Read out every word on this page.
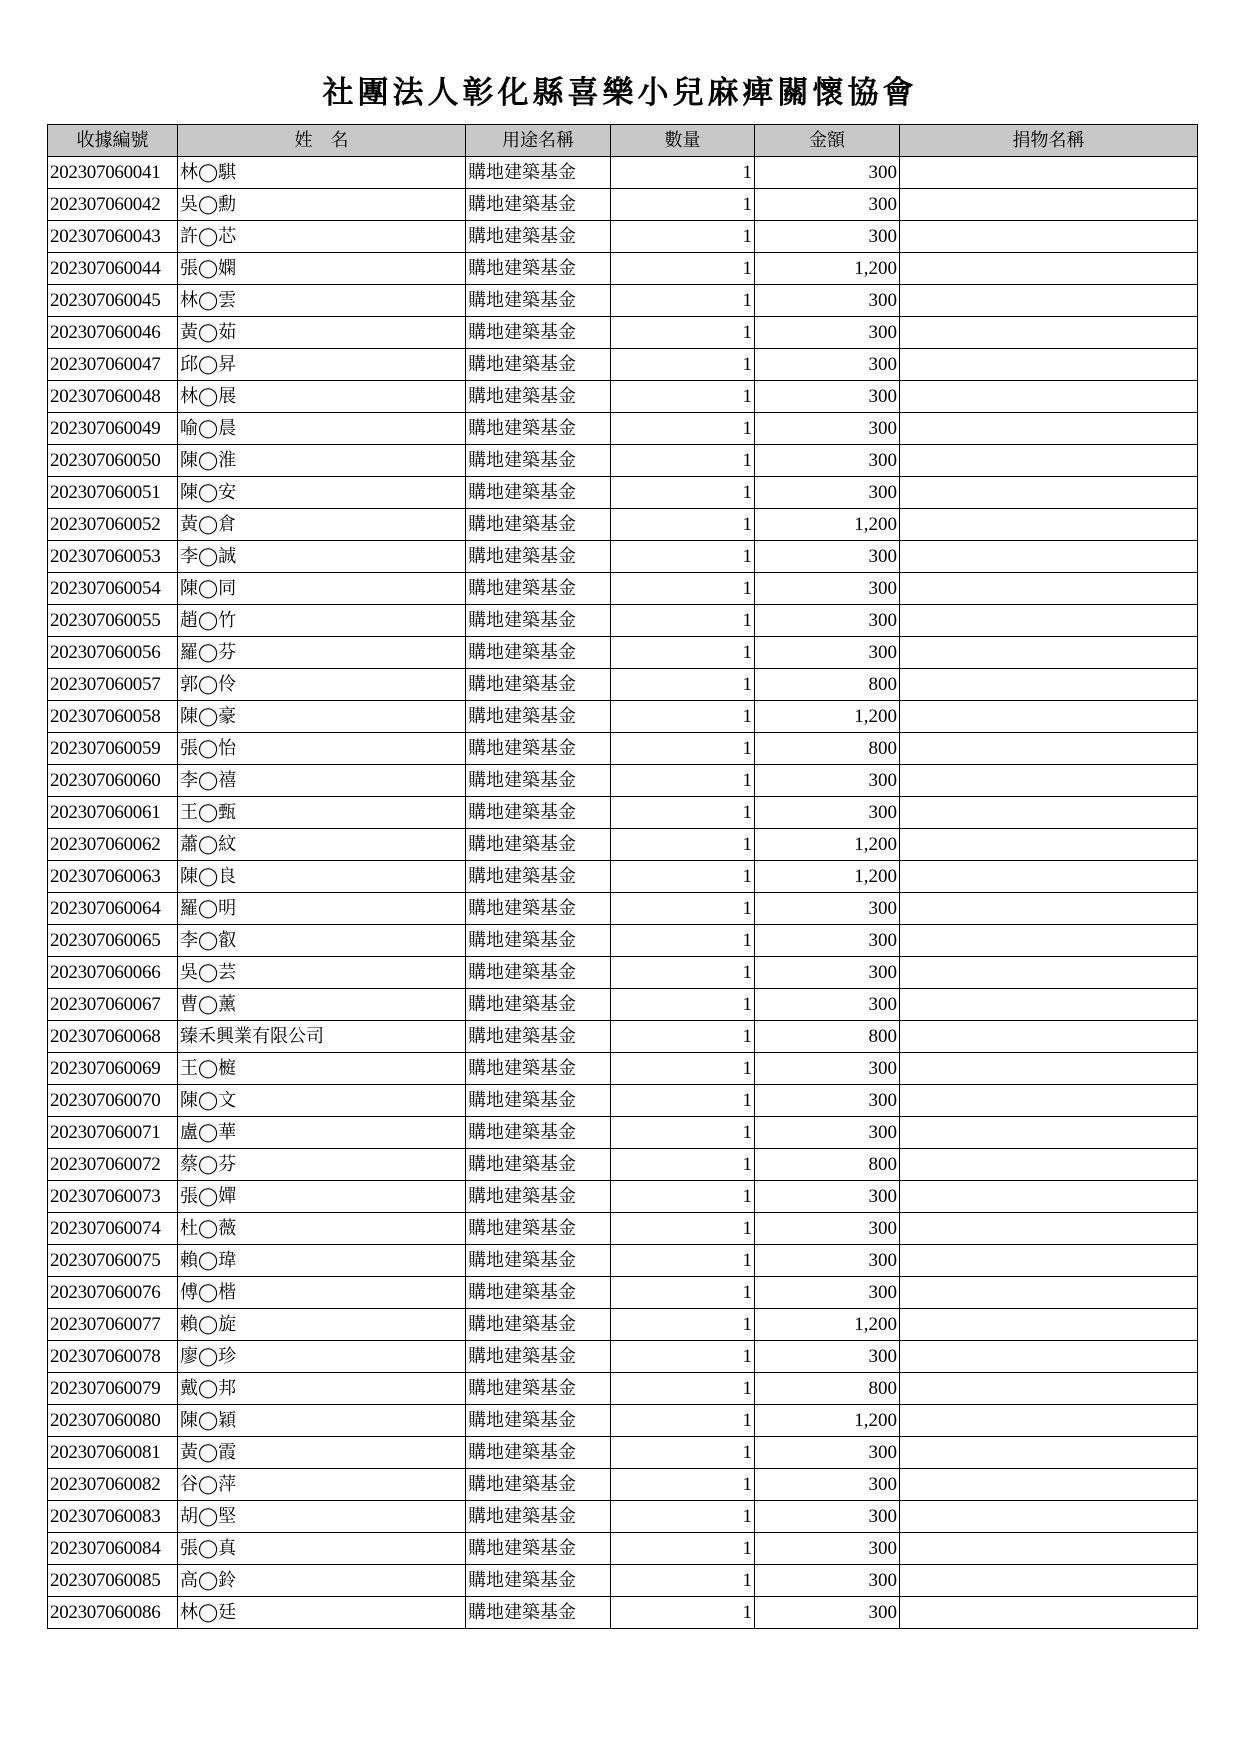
社團法人彰化縣喜樂小兒麻痺關懷協會
收據編號	姓　名	用途名稱	數量	金額	捐物名稱
202307060041	林◯騏	購地建築基金	1	300	
202307060042	吳◯勳	購地建築基金	1	300	
202307060043	許◯芯	購地建築基金	1	300	
202307060044	張◯嫻	購地建築基金	1	1,200	
202307060045	林◯雲	購地建築基金	1	300	
202307060046	黃◯茹	購地建築基金	1	300	
202307060047	邱◯昇	購地建築基金	1	300	
202307060048	林◯展	購地建築基金	1	300	
202307060049	喻◯晨	購地建築基金	1	300	
202307060050	陳◯淮	購地建築基金	1	300	
202307060051	陳◯安	購地建築基金	1	300	
202307060052	黃◯倉	購地建築基金	1	1,200	
202307060053	李◯誠	購地建築基金	1	300	
202307060054	陳◯同	購地建築基金	1	300	
202307060055	趙◯竹	購地建築基金	1	300	
202307060056	羅◯芬	購地建築基金	1	300	
202307060057	郭◯伶	購地建築基金	1	800	
202307060058	陳◯豪	購地建築基金	1	1,200	
202307060059	張◯怡	購地建築基金	1	800	
202307060060	李◯禧	購地建築基金	1	300	
202307060061	王◯甄	購地建築基金	1	300	
202307060062	蕭◯紋	購地建築基金	1	1,200	
202307060063	陳◯良	購地建築基金	1	1,200	
202307060064	羅◯明	購地建築基金	1	300	
202307060065	李◯叡	購地建築基金	1	300	
202307060066	吳◯芸	購地建築基金	1	300	
202307060067	曹◯薰	購地建築基金	1	300	
202307060068	臻禾興業有限公司	購地建築基金	1	800	
202307060069	王◯榳	購地建築基金	1	300	
202307060070	陳◯文	購地建築基金	1	300	
202307060071	盧◯華	購地建築基金	1	300	
202307060072	蔡◯芬	購地建築基金	1	800	
202307060073	張◯嬋	購地建築基金	1	300	
202307060074	杜◯薇	購地建築基金	1	300	
202307060075	賴◯瑋	購地建築基金	1	300	
202307060076	傅◯楷	購地建築基金	1	300	
202307060077	賴◯旋	購地建築基金	1	1,200	
202307060078	廖◯珍	購地建築基金	1	300	
202307060079	戴◯邦	購地建築基金	1	800	
202307060080	陳◯穎	購地建築基金	1	1,200	
202307060081	黃◯霞	購地建築基金	1	300	
202307060082	谷◯萍	購地建築基金	1	300	
202307060083	胡◯堅	購地建築基金	1	300	
202307060084	張◯真	購地建築基金	1	300	
202307060085	高◯鈴	購地建築基金	1	300	
202307060086	林◯廷	購地建築基金	1	300	
